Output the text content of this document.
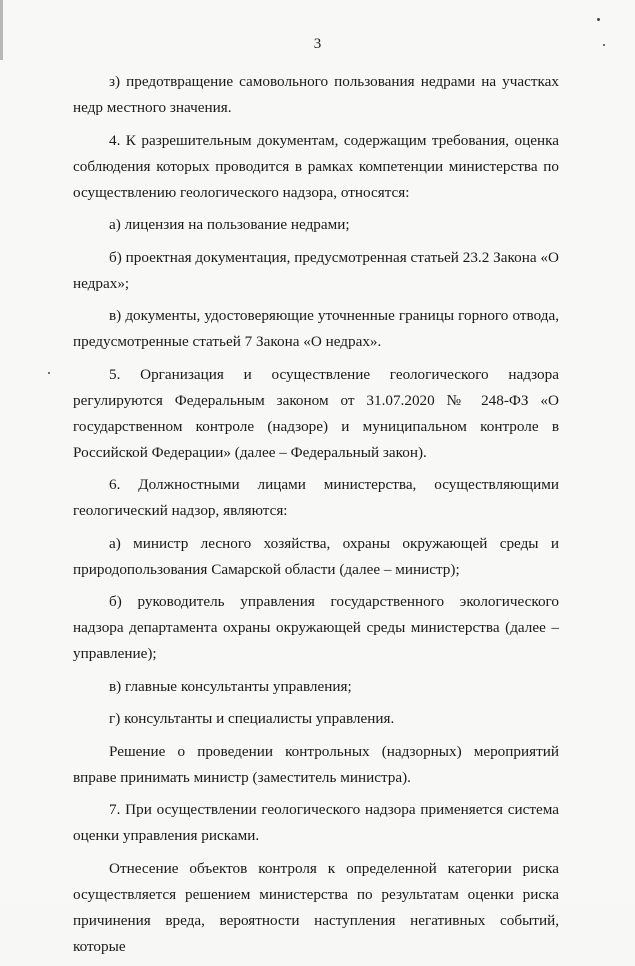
3

з) предотвращение самовольного пользования недрами на участках недр местного значения.

4. К разрешительным документам, содержащим требования, оценка соблюдения которых проводится в рамках компетенции министерства по осуществлению геологического надзора, относятся:

а) лицензия на пользование недрами;

б) проектная документация, предусмотренная статьей 23.2 Закона «О недрах»;

в) документы, удостоверяющие уточненные границы горного отвода, предусмотренные статьей 7 Закона «О недрах».

5. Организация и осуществление геологического надзора регулируются Федеральным законом от 31.07.2020 № 248-ФЗ «О государственном контроле (надзоре) и муниципальном контроле в Российской Федерации» (далее – Федеральный закон).

6. Должностными лицами министерства, осуществляющими геологический надзор, являются:

а) министр лесного хозяйства, охраны окружающей среды и природопользования Самарской области (далее – министр);

б) руководитель управления государственного экологического надзора департамента охраны окружающей среды министерства (далее – управление);

в) главные консультанты управления;

г) консультанты и специалисты управления.

Решение о проведении контрольных (надзорных) мероприятий вправе принимать министр (заместитель министра).

7. При осуществлении геологического надзора применяется система оценки управления рисками.

Отнесение объектов контроля к определенной категории риска осуществляется решением министерства по результатам оценки риска причинения вреда, вероятности наступления негативных событий, которые
